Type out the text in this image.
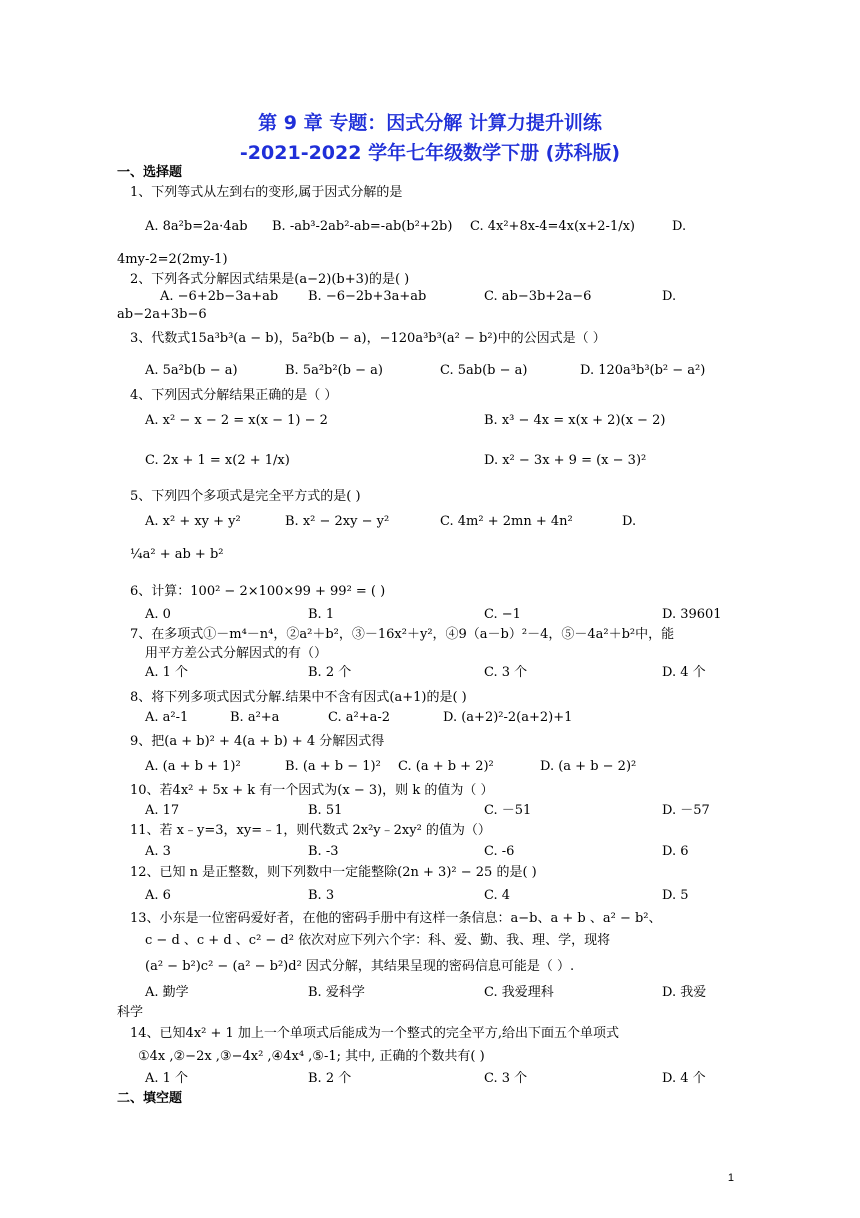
第 9 章 专题：因式分解 计算力提升训练
-2021-2022 学年七年级数学下册 (苏科版)
一、选择题
1、下列等式从左到右的变形,属于因式分解的是
A. 8a²b=2a·4ab B. -ab³-2ab²-ab=-ab(b²+2b) C. 4x²+8x-4=4x(x+2-1/x)	D.
4my-2=2(2my-1)
2、下列各式分解因式结果是(a−2)(b+3)的是( )
A. −6+2b−3a+ab B. −6−2b+3a+ab	C. ab−3b+2a−6	D.
ab−2a+3b−6
3、代数式15a³b³(a − b)，5a²b(b − a)，−120a³b³(a² − b²)中的公因式是（ ）
A. 5a²b(b − a)	B. 5a²b²(b − a)	C. 5ab(b − a)	D. 120a³b³(b² − a²)
4、下列因式分解结果正确的是（ ）
A. x² − x − 2 = x(x − 1) − 2	B. x³ − 4x = x(x + 2)(x − 2)
C. 2x + 1 = x(2 + 1/x)	D. x² − 3x + 9 = (x − 3)²
5、下列四个多项式是完全平方式的是( )
A. x² + xy + y²	B. x² − 2xy − y²	C. 4m² + 2mn + 4n²	D.
¼a² + ab + b²
6、计算：100² − 2×100×99 + 99² = ( )
A. 0	B. 1	C. −1	D. 39601
7、在多项式①－m⁴－n⁴，②a²＋b²，③－16x²＋y²，④9（a－b）²－4，⑤－4a²＋b²中，能
用平方差公式分解因式的有（）
A. 1 个	B. 2 个	C. 3 个	D. 4 个
8、将下列多项式因式分解.结果中不含有因式(a+1)的是( )
A. a²-1	B. a²+a	C. a²+a-2	D. (a+2)²-2(a+2)+1
9、把(a + b)² + 4(a + b) + 4 分解因式得
A. (a + b + 1)²	B. (a + b − 1)² C. (a + b + 2)²	D. (a + b − 2)²
10、若4x² + 5x + k 有一个因式为(x − 3)，则 k 的值为（ ）
A. 17	B. 51	C. －51	D. －57
11、若 x﹣y=3，xy=﹣1，则代数式 2x²y﹣2xy² 的值为（）
A. 3	B. -3	C. -6	D. 6
12、已知 n 是正整数，则下列数中一定能整除(2n + 3)² − 25 的是( )
A. 6	B. 3	C. 4	D. 5
13、小东是一位密码爱好者，在他的密码手册中有这样一条信息：a−b、a + b 、a² − b²、
c − d 、c + d 、c² − d² 依次对应下列六个字：科、爱、勤、我、理、学，现将
(a² − b²)c² − (a² − b²)d² 因式分解，其结果呈现的密码信息可能是（ ）.
A. 勤学	B. 爱科学	C. 我爱理科	D. 我爱
科学
14、已知4x² + 1 加上一个单项式后能成为一个整式的完全平方,给出下面五个单项式
①4x ,②−2x ,③−4x² ,④4x⁴ ,⑤-1; 其中, 正确的个数共有( )
A. 1 个	B. 2 个	C. 3 个	D. 4 个
二、填空题
1
